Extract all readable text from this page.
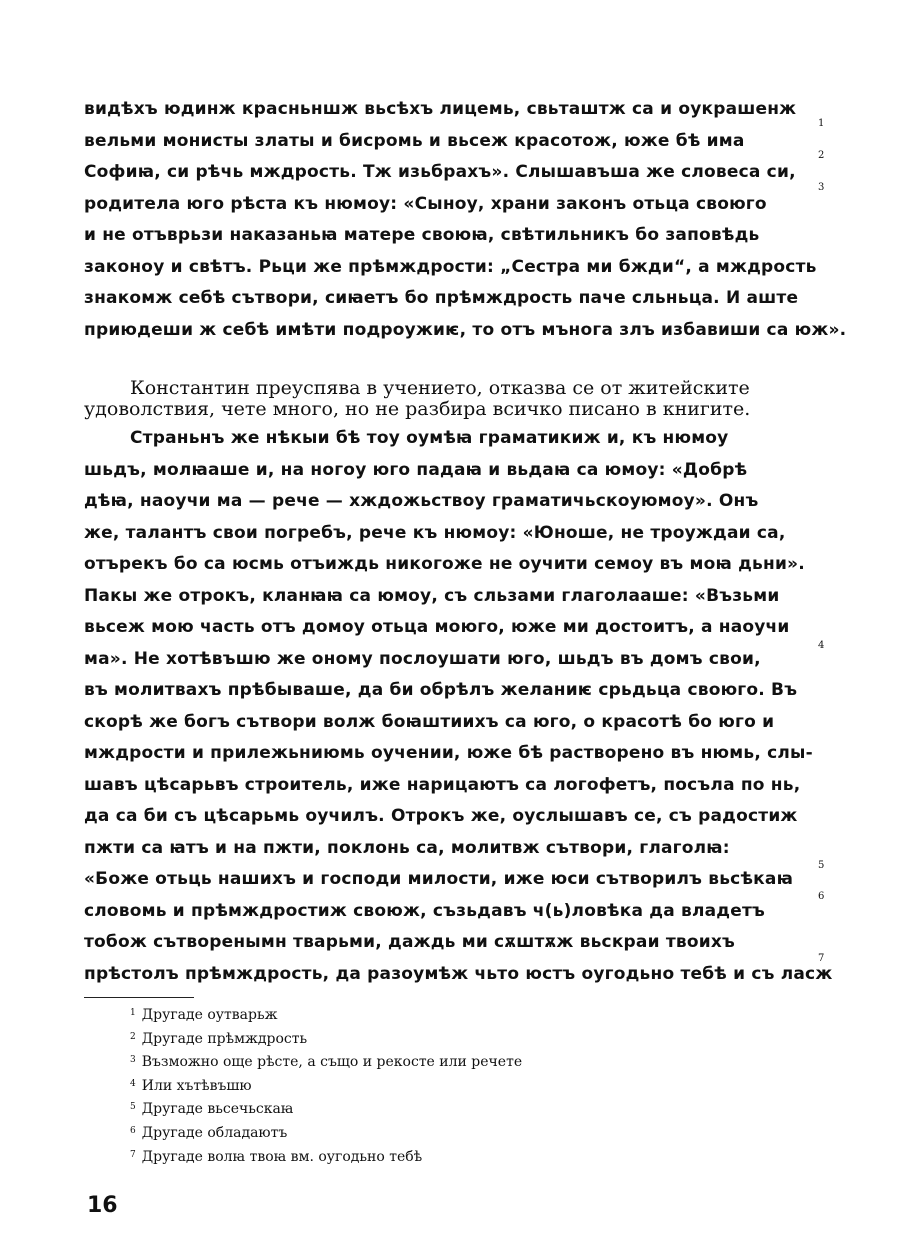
видѣхъ юдинж красньншж вьсѣхъ лицемь, свьташтж са и оукрашенж
вельми монисты златы и бисромь и вьсеж красотож, юже бѣ има
Софиꙗ, си рѣчь мждрость. Тж изьбрахъ». Слышавъша же словеса си,
родитела юго рѣста къ нюмоу: «Сыноу, храни законъ отьца своюго
и не отъврьзи наказаньꙗ матере своюꙗ, свѣтильникъ бо заповѣдь
законоу и свѣтъ. Рьци же прѣмждрости: „Сестра ми бжди“, а мждрость
знакомж себѣ сътвори, сиꙗетъ бо прѣмждрость паче сльньца. И аште
приюдеши ж себѣ имѣти подроужиѥ, то отъ мънога злъ избавиши са юж».
1
2
3
Константин преуспява в учението, отказва се от житейските
удоволствия, чете много, но не разбира всичко писано в книгите.
Страньнъ же нѣкыи бѣ тоу оумѣꙗ граматикиж и, къ нюмоу
шьдъ, молꙗаше и, на ногоу юго падаꙗ и вьдаꙗ са юмоу: «Добрѣ
дѣꙗ, наоучи ма — рече — хждожьствоу граматичьскоуюмоу». Онъ
же, талантъ свои погребъ, рече къ нюмоу: «Юноше, не троуждаи са,
отърекъ бо са юсмь отъиждь никогоже не оучити семоу въ моꙗ дьни».
Пакы же отрокъ, кланꙗꙗ са юмоу, съ сльзами глаголааше: «Възьми
вьсеж мою часть отъ домоу отьца моюго, юже ми достоитъ, а наоучи
ма». Не хотѣвъшю же оному послоушати юго, шьдъ въ домъ свои,
въ молитвахъ прѣбываше, да би обрѣлъ желаниѥ срьдьца своюго. Въ
скорѣ же богъ сътвори волж боꙗштиихъ са юго, о красотѣ бо юго и
мждрости и прилежьниюмь оучении, юже бѣ растворено въ нюмь, слы-
шавъ цѣсарьвъ строитель, иже нарицаютъ са логофетъ, посъла по нь,
да са би съ цѣсарьмь оучилъ. Отрокъ же, оуслышавъ се, съ радостиж
пжти са ꙗтъ и на пжти, поклонь са, молитвж сътвори, глаголꙗ:
«Боже отьць нашихъ и господи милости, иже юси сътворилъ вьсѣкаꙗ
словомь и прѣмждростиж своюж, съзьдавъ ч(ь)ловѣка да владетъ
тобож сътворенымн тварьми, даждь ми сѫштѫж вьскраи твоихъ
прѣстолъ прѣмждрость, да разоумѣж чьто юстъ оугодьно тебѣ и съ ласж
4
5
6
7
$^1$ Другаде оутварьж
$^2$ Другаде прѣмждрость
$^3$ Възможно още рѣсте, а също и рекосте или речете
$^4$ Или хътѣвъшю
$^5$ Другаде вьсечьскаꙗ
$^6$ Другаде обладаютъ
$^7$ Другаде волꙗ твоꙗ вм. оугодьно тебѣ
16
